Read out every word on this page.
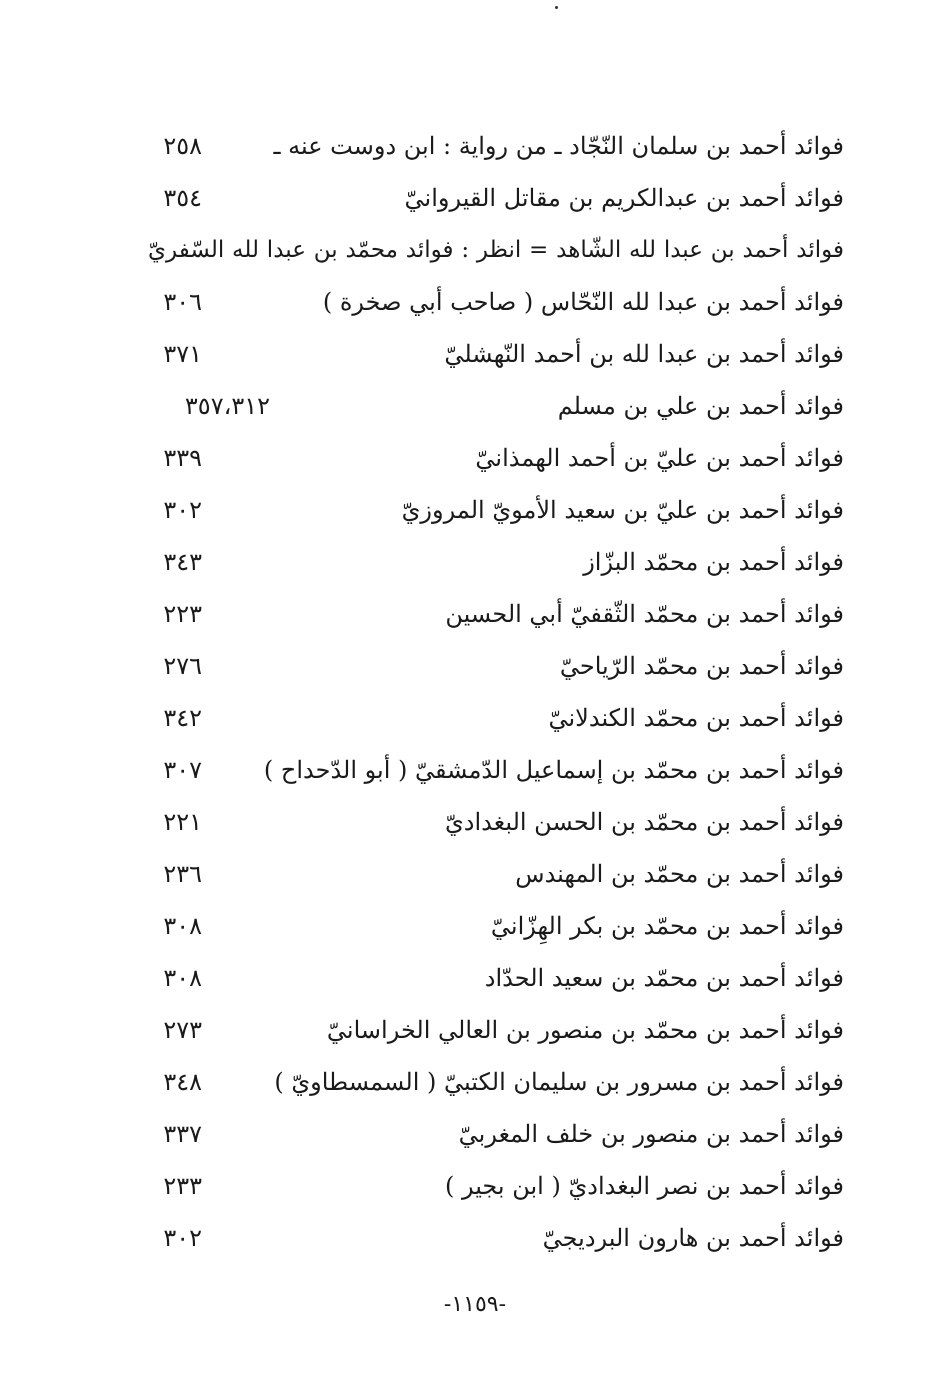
فوائد أحمد بن سلمان النّجّاد ـ من رواية : ابن دوست عنه ـ
٢٥٨
فوائد أحمد بن عبدالكريم بن مقاتل القيروانيّ
٣٥٤
فوائد أحمد بن عبدا لله الشّاهد = انظر : فوائد محمّد بن عبدا لله السّفريّ
فوائد أحمد بن عبدا لله النّحّاس ( صاحب أبي صخرة )
٣٠٦
فوائد أحمد بن عبدا لله بن أحمد النّهشليّ
٣٧١
فوائد أحمد بن علي بن مسلم
٣٥٧،٣١٢
فوائد أحمد بن عليّ بن أحمد الهمذانيّ
٣٣٩
فوائد أحمد بن عليّ بن سعيد الأمويّ المروزيّ
٣٠٢
فوائد أحمد بن محمّد البزّاز
٣٤٣
فوائد أحمد بن محمّد الثّقفيّ أبي الحسين
٢٢٣
فوائد أحمد بن محمّد الرّياحيّ
٢٧٦
فوائد أحمد بن محمّد الكندلانيّ
٣٤٢
فوائد أحمد بن محمّد بن إسماعيل الدّمشقيّ ( أبو الدّحداح )
٣٠٧
فوائد أحمد بن محمّد بن الحسن البغداديّ
٢٢١
فوائد أحمد بن محمّد بن المهندس
٢٣٦
فوائد أحمد بن محمّد بن بكر الهِزّانيّ
٣٠٨
فوائد أحمد بن محمّد بن سعيد الحدّاد
٣٠٨
فوائد أحمد بن محمّد بن منصور بن العالي الخراسانيّ
٢٧٣
فوائد أحمد بن مسرور بن سليمان الكتبيّ ( السمسطاويّ )
٣٤٨
فوائد أحمد بن منصور بن خلف المغربيّ
٣٣٧
فوائد أحمد بن نصر البغداديّ ( ابن بجير )
٢٣٣
فوائد أحمد بن هارون البرديجيّ
٣٠٢
-١١٥٩-
